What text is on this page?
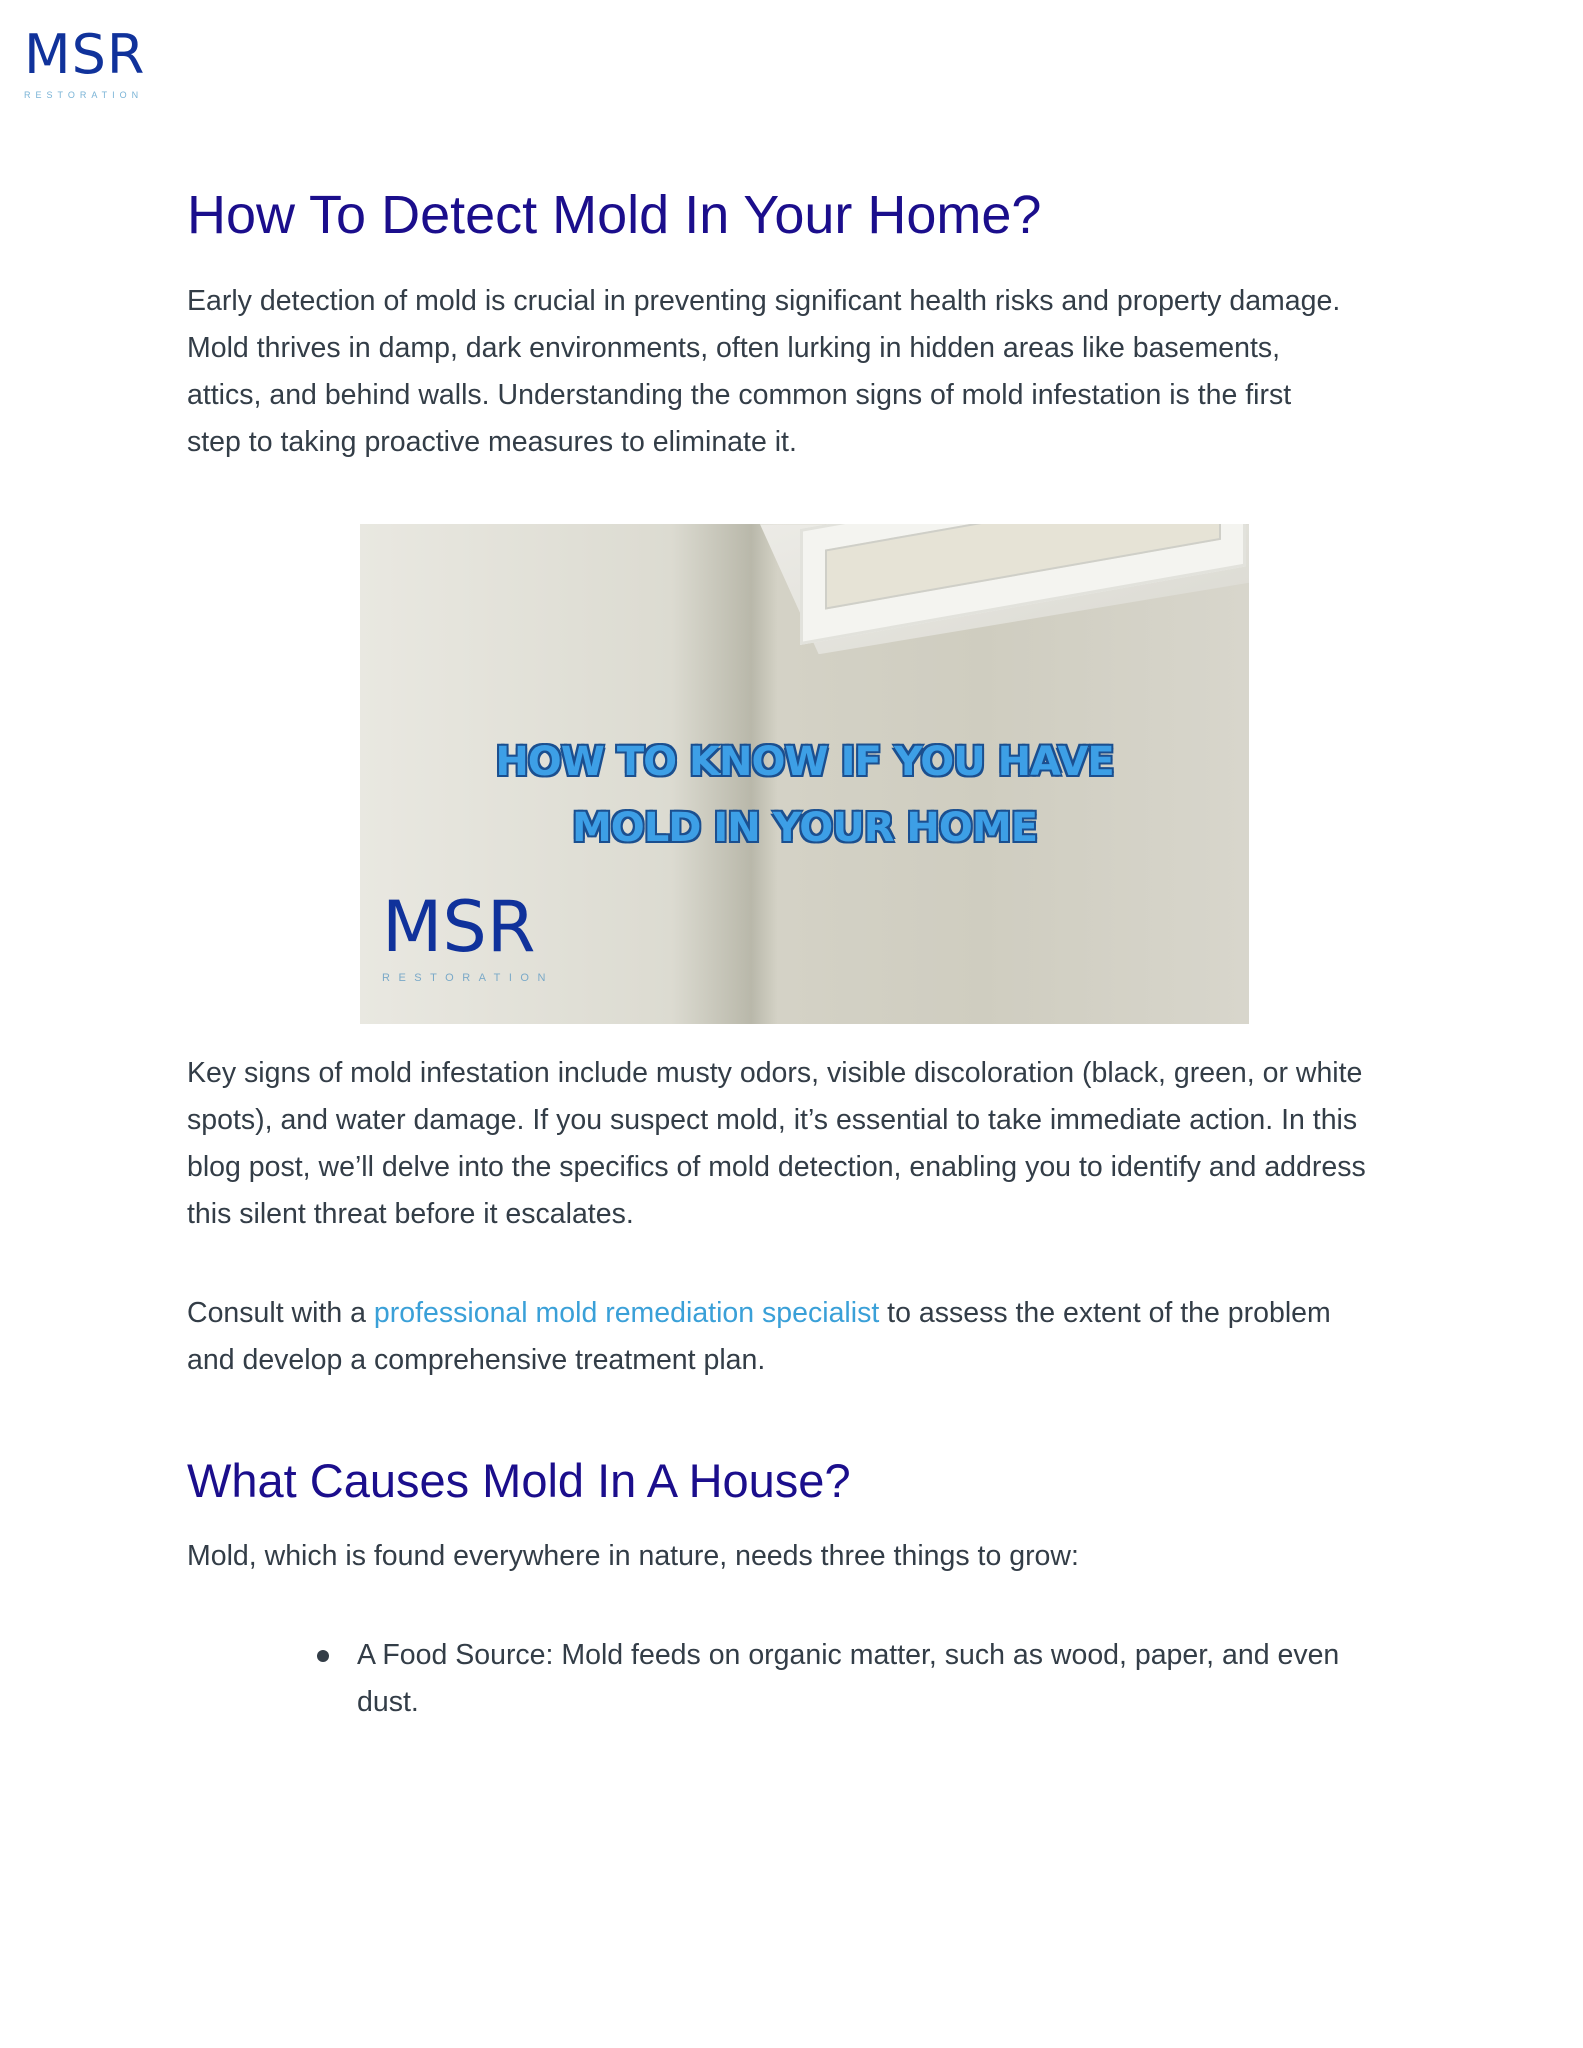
MSR
RESTORATION
How To Detect Mold In Your Home?

Early detection of mold is crucial in preventing significant health risks and property damage. Mold thrives in damp, dark environments, often lurking in hidden areas like basements, attics, and behind walls. Understanding the common signs of mold infestation is the first step to taking proactive measures to eliminate it.

HOW TO KNOW IF YOU HAVE
MOLD IN YOUR HOME
MSR
RESTORATION

Key signs of mold infestation include musty odors, visible discoloration (black, green, or white spots), and water damage. If you suspect mold, it’s essential to take immediate action. In this blog post, we’ll delve into the specifics of mold detection, enabling you to identify and address this silent threat before it escalates.

Consult with a professional mold remediation specialist to assess the extent of the problem and develop a comprehensive treatment plan.

What Causes Mold In A House?

Mold, which is found everywhere in nature, needs three things to grow:

A Food Source: Mold feeds on organic matter, such as wood, paper, and even dust.
